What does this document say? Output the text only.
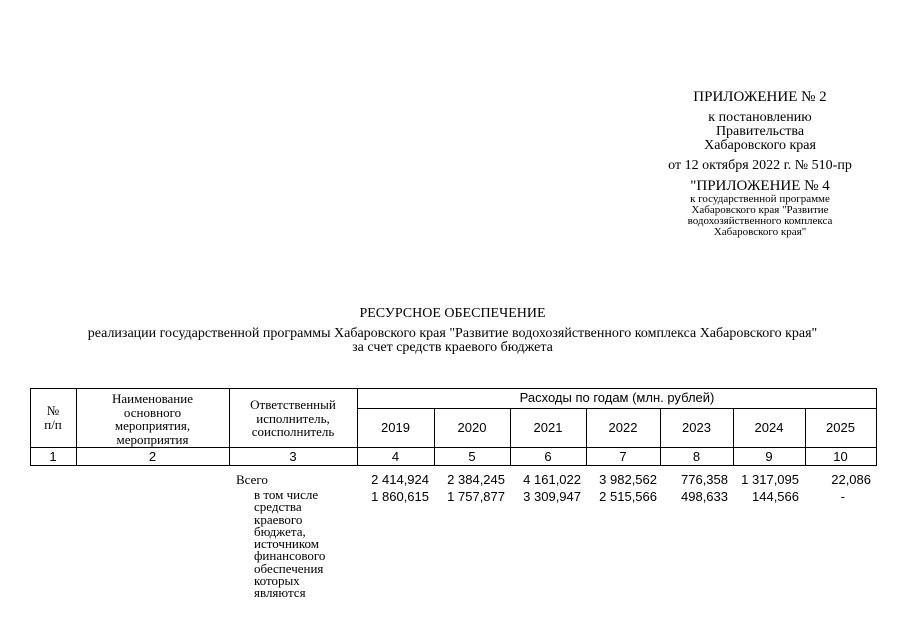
ПРИЛОЖЕНИЕ № 2
к постановлению
Правительства
Хабаровского края
от 12 октября 2022 г. № 510-пр
"ПРИЛОЖЕНИЕ № 4
к государственной программе
Хабаровского края "Развитие
водохозяйственного комплекса
Хабаровского края"
РЕСУРСНОЕ ОБЕСПЕЧЕНИЕ
реализации государственной программы Хабаровского края "Развитие водохозяйственного комплекса Хабаровского края"
за счет средств краевого бюджета
№
п/п
Наименование
основного
мероприятия,
мероприятия
Ответственный
исполнитель,
соисполнитель
Расходы по годам (млн. рублей)
2019	2020	2021	2022	2023	2024	2025
1	2	3	4	5	6	7	8	9	10
Всего	2 414,924	2 384,245	4 161,022	3 982,562	776,358	1 317,095	22,086
в том числе
средства
краевого
бюджета,
источником
финансового
обеспечения
которых
являются
1 860,615	1 757,877	3 309,947	2 515,566	498,633	144,566	-
